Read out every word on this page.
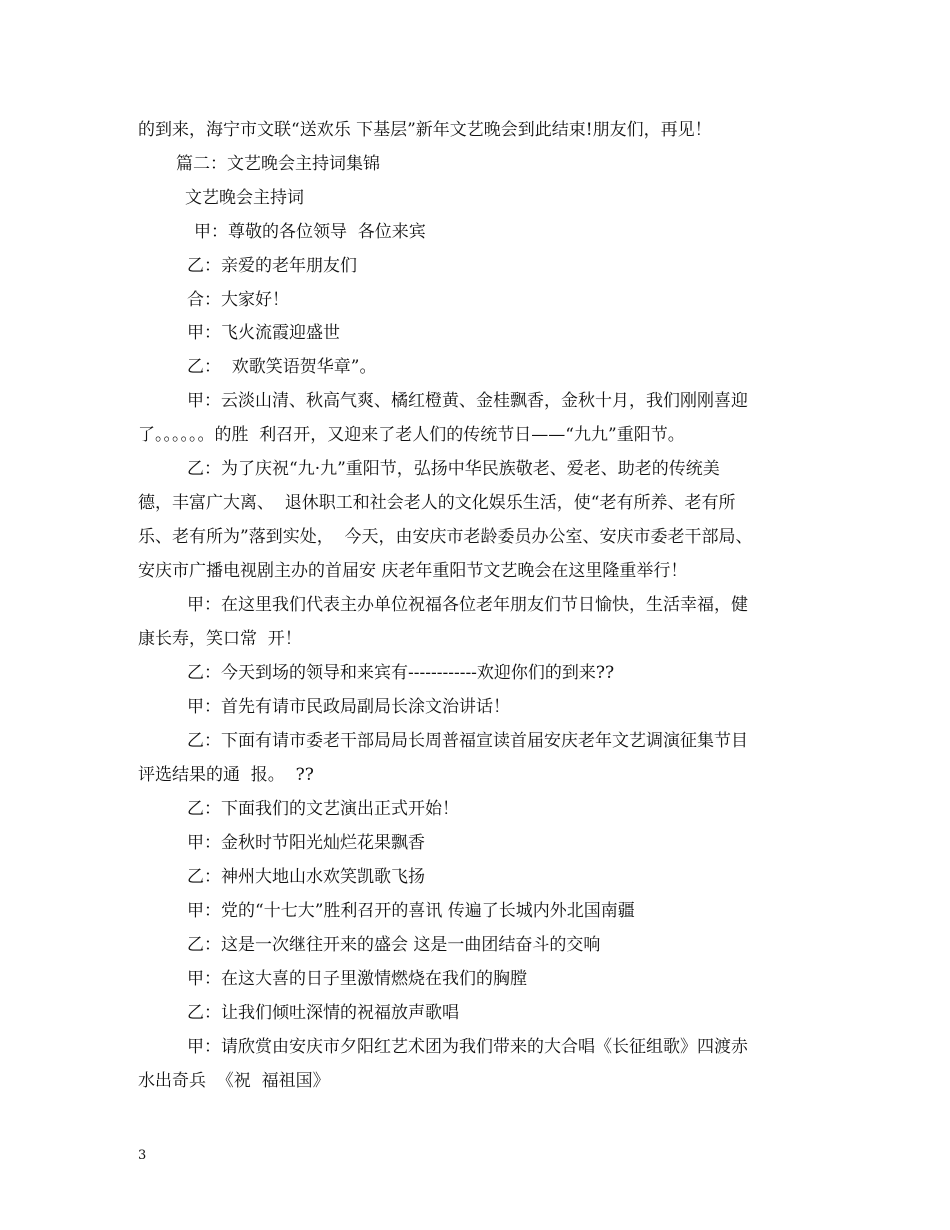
的到来，海宁市文联“送欢乐 下基层”新年文艺晚会到此结束!朋友们，再见！
篇二：文艺晚会主持词集锦
文艺晚会主持词
甲：尊敬的各位领导  各位来宾
乙：亲爱的老年朋友们
合：大家好！
甲：飞火流霞迎盛世
乙：  欢歌笑语贺华章”。
甲：云淡山清、秋高气爽、橘红橙黄、金桂飘香，金秋十月，我们刚刚喜迎
了。。。。。。的胜  利召开，又迎来了老人们的传统节日——“九九”重阳节。
乙：为了庆祝“九·九”重阳节，弘扬中华民族敬老、爱老、助老的传统美
德，丰富广大离、  退休职工和社会老人的文化娱乐生活，使“老有所养、老有所
乐、老有所为”落到实处，  今天，由安庆市老龄委员办公室、安庆市委老干部局、
安庆市广播电视剧主办的首届安 庆老年重阳节文艺晚会在这里隆重举行！
甲：在这里我们代表主办单位祝福各位老年朋友们节日愉快，生活幸福，健
康长寿，笑口常  开！
乙：今天到场的领导和来宾有------------欢迎你们的到来??
甲：首先有请市民政局副局长涂文治讲话！
乙：下面有请市委老干部局局长周普福宣读首届安庆老年文艺调演征集节目
评选结果的通  报。  ??
乙：下面我们的文艺演出正式开始！
甲：金秋时节阳光灿烂花果飘香
乙：神州大地山水欢笑凯歌飞扬
甲：党的“十七大”胜利召开的喜讯 传遍了长城内外北国南疆
乙：这是一次继往开来的盛会 这是一曲团结奋斗的交响
甲：在这大喜的日子里激情燃烧在我们的胸膛
乙：让我们倾吐深情的祝福放声歌唱
甲：请欣赏由安庆市夕阳红艺术团为我们带来的大合唱《长征组歌》四渡赤
水出奇兵  《祝  福祖国》
3
